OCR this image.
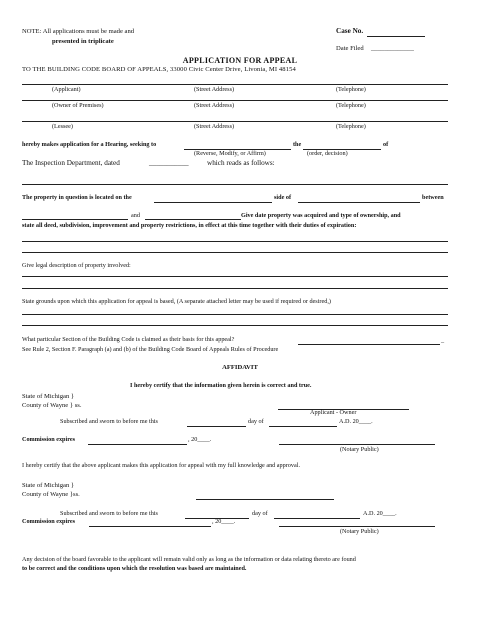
NOTE: All applications must be made and
presented in triplicate
Case No.
Date Filed _____________
APPLICATION FOR APPEAL
TO THE BUILDING CODE BOARD OF APPEALS, 33000 Civic Center Drive, Livonia, MI 48154
(Applicant)	(Street Address)	(Telephone)
(Owner of Premises)	(Street Address)	(Telephone)
(Lessee)	(Street Address)	(Telephone)
hereby makes application for a Hearing, seeking to	the	of
(Reverse, Modify, or Affirm)	(order, decision)
The Inspection Department, dated	___________	which reads as follows:
The property in question is located on the	side of	between
and	Give date property was acquired and type of ownership, and
state all deed, subdivision, improvement and property restrictions, in effect at this time together with their duties of expiration:
Give legal description of property involved:
State grounds upon which this application for appeal is based, (A separate attached letter may be used if required or desired,)
What particular Section of the Building Code is claimed as their basis for this appeal?	_
See Rule 2, Section F. Paragraph (a) and (b) of the Building Code Board of Appeals Rules of Procedure
AFFIDAVIT
I hereby certify that the information given herein is correct and true.
State of Michigan }
County of Wayne } ss.
Applicant - Owner
Subscribed and sworn to before me this	day of	A.D. 20____.
Commission expires	, 20____.
(Notary Public)
I hereby certify that the above applicant makes this application for appeal with my full knowledge and approval.
State of Michigan }
County of Wayne }ss.
Subscribed and sworn to before me this	day of	A.D. 20____.
Commission expires	, 20____.
(Notary Public)
Any decision of the board favorable to the applicant will remain valid only as long as the information or data relating thereto are found
to be correct and the conditions upon which the resolution was based are maintained.
